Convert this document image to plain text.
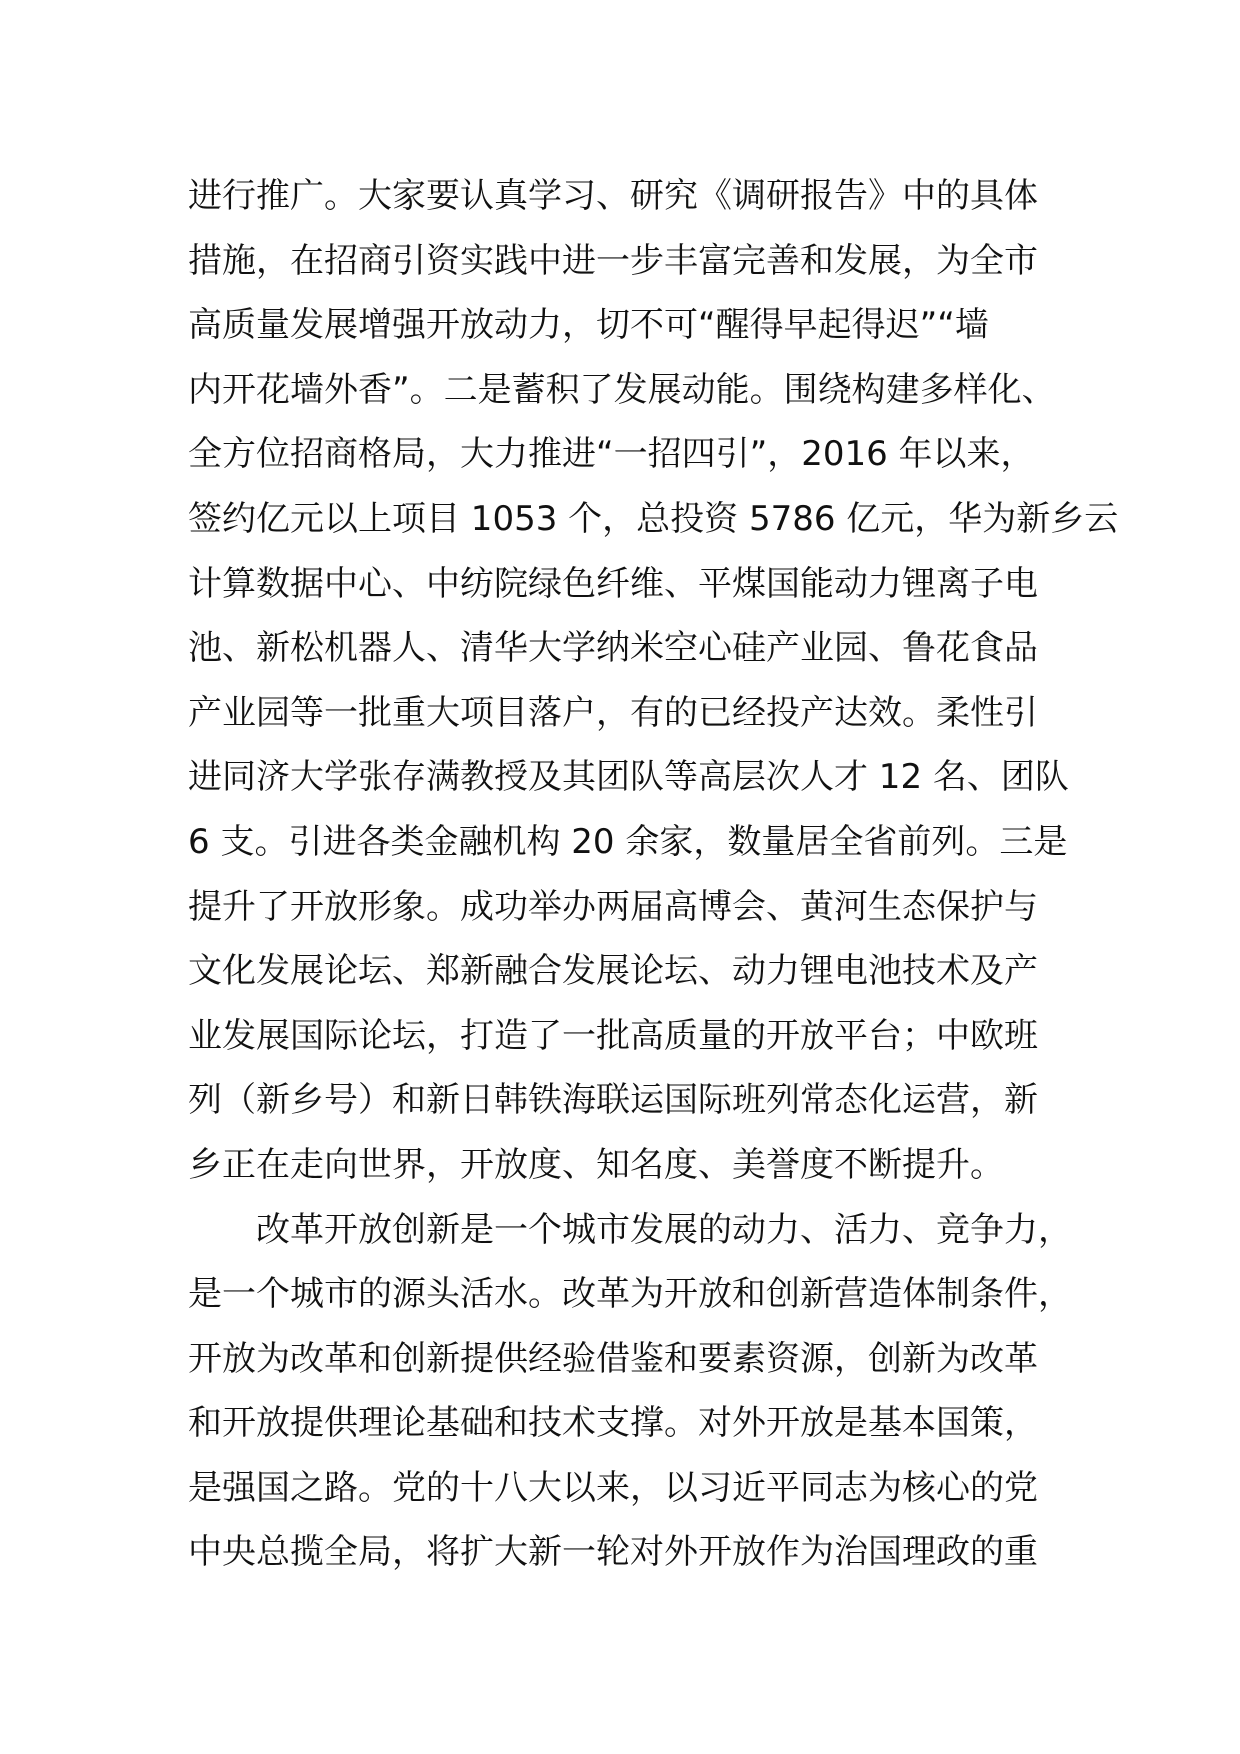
进行推广。大家要认真学习、研究《调研报告》中的具体
措施，在招商引资实践中进一步丰富完善和发展，为全市
高质量发展增强开放动力，切不可“醒得早起得迟”“墙
内开花墙外香”。二是蓄积了发展动能。围绕构建多样化、
全方位招商格局，大力推进“一招四引”，2016 年以来，
签约亿元以上项目 1053 个，总投资 5786 亿元，华为新乡云
计算数据中心、中纺院绿色纤维、平煤国能动力锂离子电
池、新松机器人、清华大学纳米空心硅产业园、鲁花食品
产业园等一批重大项目落户，有的已经投产达效。柔性引
进同济大学张存满教授及其团队等高层次人才 12 名、团队
6 支。引进各类金融机构 20 余家，数量居全省前列。三是
提升了开放形象。成功举办两届高博会、黄河生态保护与
文化发展论坛、郑新融合发展论坛、动力锂电池技术及产
业发展国际论坛，打造了一批高质量的开放平台；中欧班
列（新乡号）和新日韩铁海联运国际班列常态化运营，新
乡正在走向世界，开放度、知名度、美誉度不断提升。
改革开放创新是一个城市发展的动力、活力、竞争力，
是一个城市的源头活水。改革为开放和创新营造体制条件，
开放为改革和创新提供经验借鉴和要素资源，创新为改革
和开放提供理论基础和技术支撑。对外开放是基本国策，
是强国之路。党的十八大以来，以习近平同志为核心的党
中央总揽全局，将扩大新一轮对外开放作为治国理政的重
